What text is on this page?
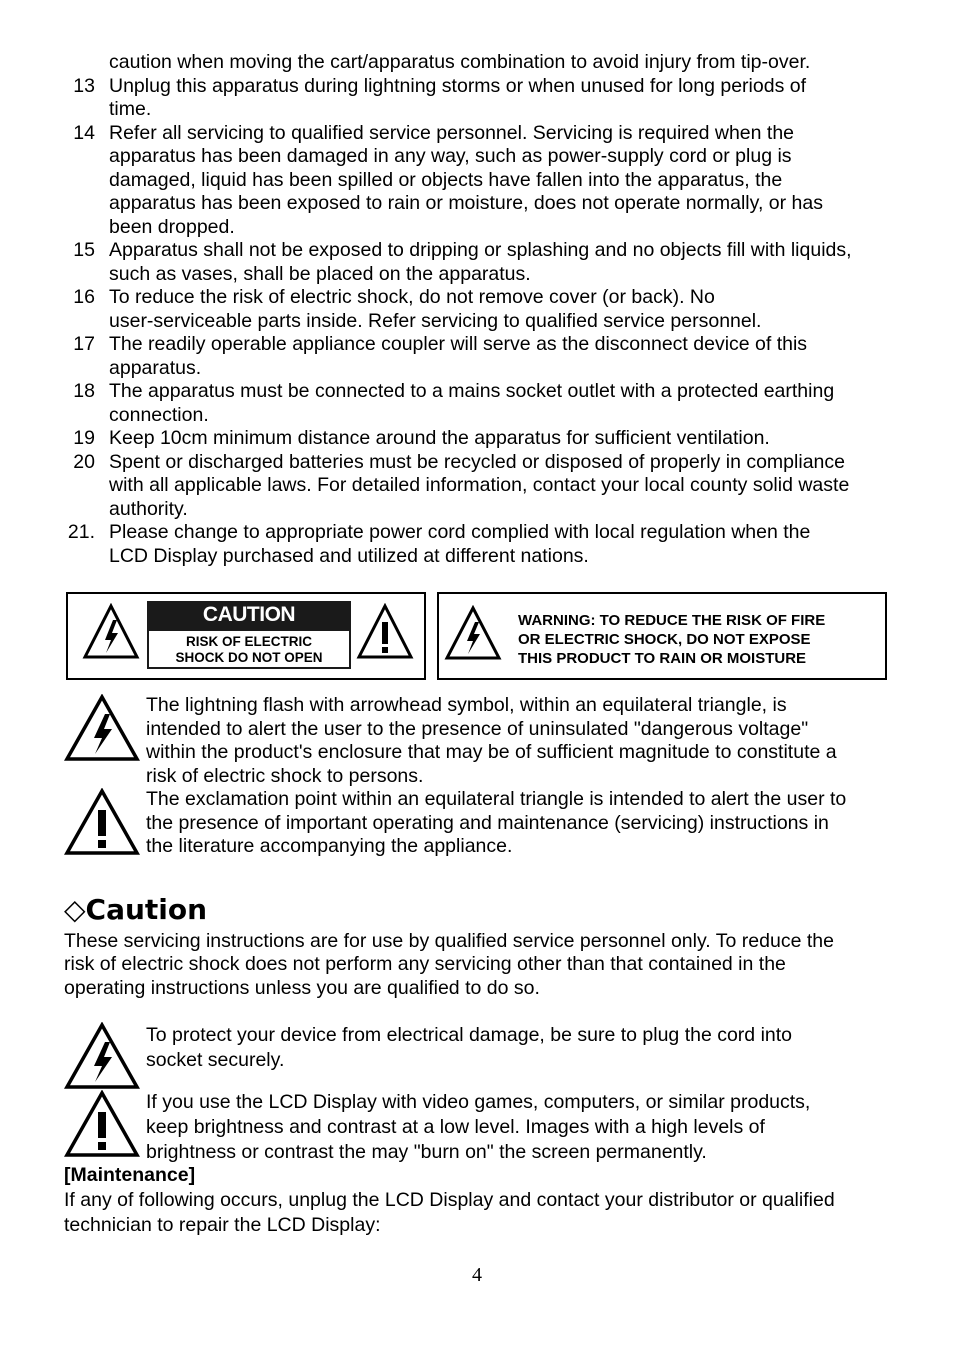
caution when moving the cart/apparatus combination to avoid injury from tip-over.
13 Unplug this apparatus during lightning storms or when unused for long periods of
time.
14 Refer all servicing to qualified service personnel. Servicing is required when the
apparatus has been damaged in any way, such as power-supply cord or plug is
damaged, liquid has been spilled or objects have fallen into the apparatus, the
apparatus has been exposed to rain or moisture, does not operate normally, or has
been dropped.
15 Apparatus shall not be exposed to dripping or splashing and no objects fill with liquids,
such as vases, shall be placed on the apparatus.
16 To reduce the risk of electric shock, do not remove cover (or back). No
user-serviceable parts inside. Refer servicing to qualified service personnel.
17 The readily operable appliance coupler will serve as the disconnect device of this
apparatus.
18 The apparatus must be connected to a mains socket outlet with a protected earthing
connection.
19 Keep 10cm minimum distance around the apparatus for sufficient ventilation.
20 Spent or discharged batteries must be recycled or disposed of properly in compliance
with all applicable laws. For detailed information, contact your local county solid waste
authority.
21. Please change to appropriate power cord complied with local regulation when the
LCD Display purchased and utilized at different nations.
CAUTION
RISK OF ELECTRIC
SHOCK DO NOT OPEN
WARNING: TO REDUCE THE RISK OF FIRE
OR ELECTRIC SHOCK, DO NOT EXPOSE
THIS PRODUCT TO RAIN OR MOISTURE
The lightning flash with arrowhead symbol, within an equilateral triangle, is
intended to alert the user to the presence of uninsulated "dangerous voltage"
within the product's enclosure that may be of sufficient magnitude to constitute a
risk of electric shock to persons.
The exclamation point within an equilateral triangle is intended to alert the user to
the presence of important operating and maintenance (servicing) instructions in
the literature accompanying the appliance.
◇Caution
These servicing instructions are for use by qualified service personnel only. To reduce the
risk of electric shock does not perform any servicing other than that contained in the
operating instructions unless you are qualified to do so.
To protect your device from electrical damage, be sure to plug the cord into
socket securely.
If you use the LCD Display with video games, computers, or similar products,
keep brightness and contrast at a low level. Images with a high levels of
brightness or contrast the may "burn on" the screen permanently.
[Maintenance]
If any of following occurs, unplug the LCD Display and contact your distributor or qualified
technician to repair the LCD Display:
4
